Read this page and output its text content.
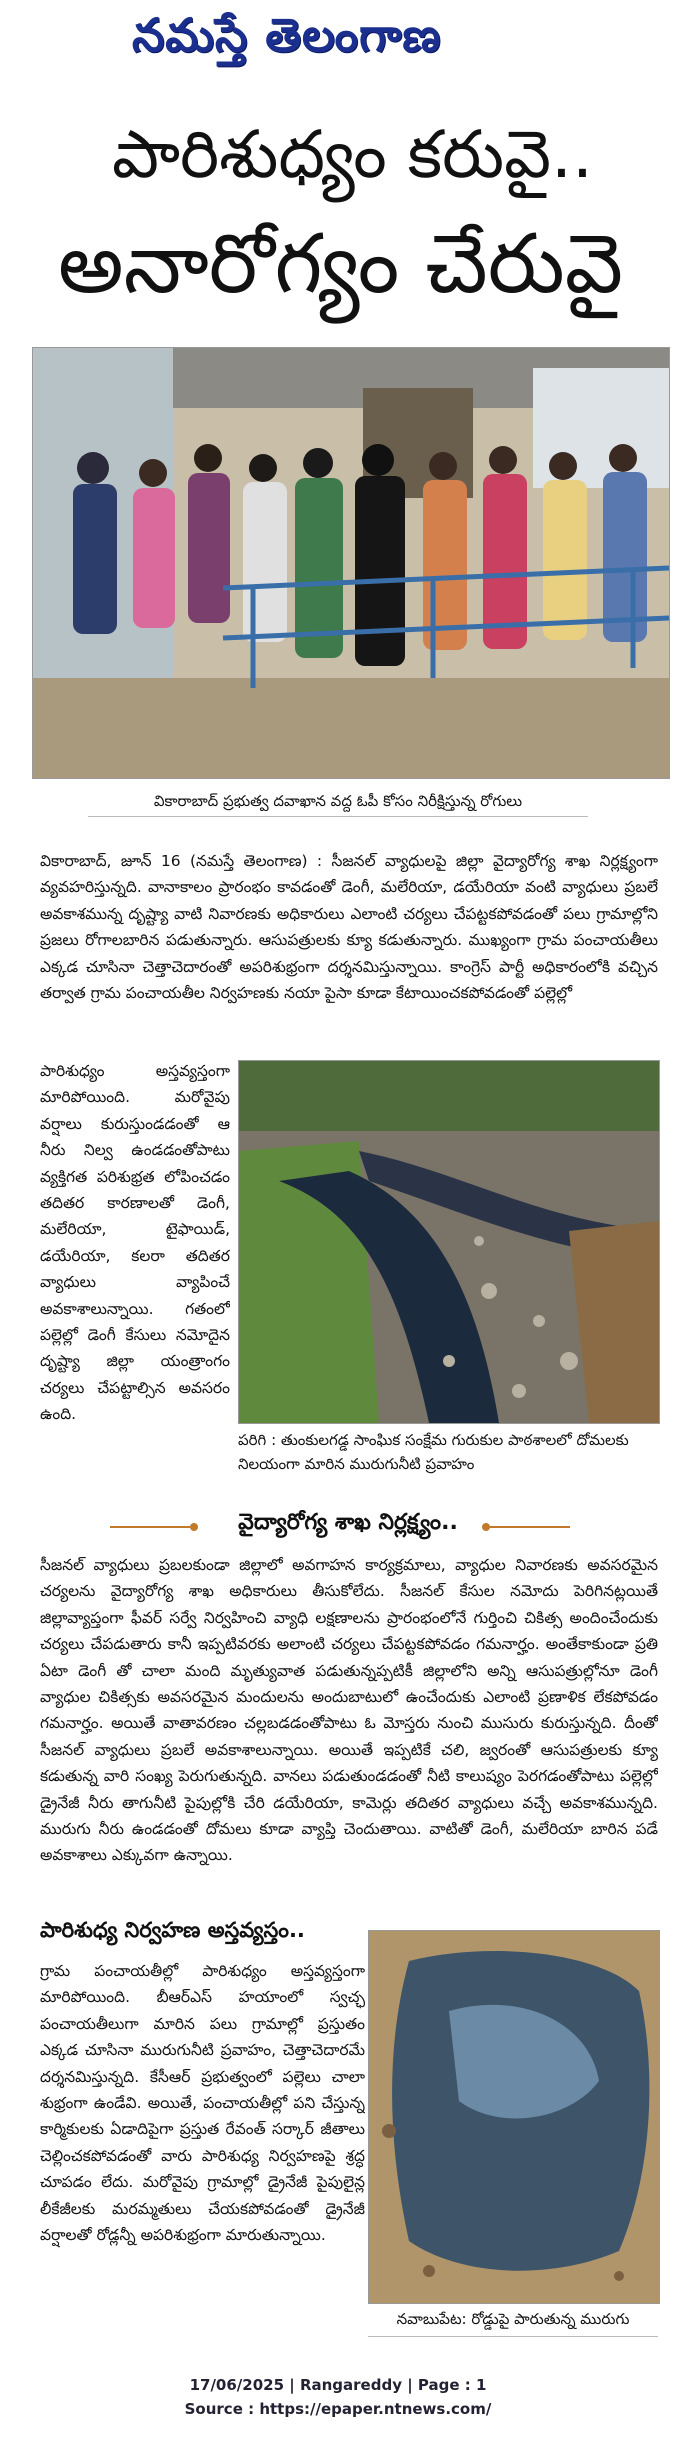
నమస్తే తెలంగాణ
పారిశుధ్యం కరువై..
అనారోగ్యం చేరువై
వికారాబాద్ ప్రభుత్వ దవాఖాన వద్ద ఓపీ కోసం నిరీక్షిస్తున్న రోగులు
వికారాబాద్, జూన్ 16 (నమస్తే తెలంగాణ) : సీజనల్ వ్యాధులపై జిల్లా వైద్యారోగ్య శాఖ నిర్లక్ష్యంగా వ్యవహరిస్తున్నది. వానాకాలం ప్రారంభం కావడంతో డెంగీ, మలేరియా, డయేరియా వంటి వ్యాధులు ప్రబలే అవకాశమున్న దృష్ట్యా వాటి నివారణకు అధికారులు ఎలాంటి చర్యలు చేపట్టకపోవడంతో పలు గ్రామాల్లోని ప్రజలు రోగాలబారిన పడుతున్నారు. ఆసుపత్రులకు క్యూ కడుతున్నారు. ముఖ్యంగా గ్రామ పంచాయతీలు ఎక్కడ చూసినా చెత్తాచెదారంతో అపరిశుభ్రంగా దర్శనమిస్తున్నాయి. కాంగ్రెస్ పార్టీ అధికారంలోకి వచ్చిన తర్వాత గ్రామ పంచాయతీల నిర్వహణకు నయా పైసా కూడా కేటాయించకపోవడంతో పల్లెల్లో
పారిశుధ్యం అస్తవ్యస్తంగా మారిపోయింది. మరోవైపు వర్షాలు కురుస్తుండడంతో ఆ నీరు నిల్వ ఉండడంతోపాటు వ్యక్తిగత పరిశుభ్రత లోపించడం తదితర కారణాలతో డెంగీ, మలేరియా, టైఫాయిడ్, డయేరియా, కలరా తదితర వ్యాధులు వ్యాపించే అవకాశాలున్నాయి. గతంలో పల్లెల్లో డెంగీ కేసులు నమోదైన దృష్ట్యా జిల్లా యంత్రాంగం చర్యలు చేపట్టాల్సిన అవసరం ఉంది.
పరిగి : తుంకులగడ్డ సాంఘిక సంక్షేమ గురుకుల పాఠశాలలో దోమలకు నిలయంగా మారిన మురుగునీటి ప్రవాహం
వైద్యారోగ్య శాఖ నిర్లక్ష్యం..
సీజనల్ వ్యాధులు ప్రబలకుండా జిల్లాలో అవగాహన కార్యక్రమాలు, వ్యాధుల నివారణకు అవసరమైన చర్యలను వైద్యారోగ్య శాఖ అధికారులు తీసుకోలేదు. సీజనల్ కేసుల నమోదు పెరిగినట్లయితే జిల్లావ్యాప్తంగా ఫీవర్ సర్వే నిర్వహించి వ్యాధి లక్షణాలను ప్రారంభంలోనే గుర్తించి చికిత్స అందించేందుకు చర్యలు చేపడుతారు కానీ ఇప్పటివరకు అలాంటి చర్యలు చేపట్టకపోవడం గమనార్హం. అంతేకాకుండా ప్రతి ఏటా డెంగీ తో చాలా మంది మృత్యువాత పడుతున్నప్పటికీ జిల్లాలోని అన్ని ఆసుపత్రుల్లోనూ డెంగీ వ్యాధుల చికిత్సకు అవసరమైన మందులను అందుబాటులో ఉంచేందుకు ఎలాంటి ప్రణాళిక లేకపోవడం గమనార్హం. అయితే వాతావరణం చల్లబడడంతోపాటు ఓ మోస్తరు నుంచి ముసురు కురుస్తున్నది. దీంతో సీజనల్ వ్యాధులు ప్రబలే అవకాశాలున్నాయి. అయితే ఇప్పటికే చలి, జ్వరంతో ఆసుపత్రులకు క్యూ కడుతున్న వారి సంఖ్య పెరుగుతున్నది. వానలు పడుతుండడంతో నీటి కాలుష్యం పెరగడంతోపాటు పల్లెల్లో డ్రైనేజీ నీరు తాగునీటి పైపుల్లోకి చేరి డయేరియా, కామెర్లు తదితర వ్యాధులు వచ్చే అవకాశమున్నది. మురుగు నీరు ఉండడంతో దోమలు కూడా వ్యాప్తి చెందుతాయి. వాటితో డెంగీ, మలేరియా బారిన పడే అవకాశాలు ఎక్కువగా ఉన్నాయి.
పారిశుధ్య నిర్వహణ అస్తవ్యస్తం..
గ్రామ పంచాయతీల్లో పారిశుధ్యం అస్తవ్యస్తంగా మారిపోయింది. బీఆర్ఎస్ హయాంలో స్వచ్ఛ పంచాయతీలుగా మారిన పలు గ్రామాల్లో ప్రస్తుతం ఎక్కడ చూసినా మురుగునీటి ప్రవాహం, చెత్తాచెదారమే దర్శనమిస్తున్నది. కేసీఆర్ ప్రభుత్వంలో పల్లెలు చాలా శుభ్రంగా ఉండేవి. అయితే, పంచాయతీల్లో పని చేస్తున్న కార్మికులకు ఏడాదిపైగా ప్రస్తుత రేవంత్ సర్కార్ జీతాలు చెల్లించకపోవడంతో వారు పారిశుధ్య నిర్వహణపై శ్రద్ధ చూపడం లేదు. మరోవైపు గ్రామాల్లో డ్రైనేజీ పైపులైన్ల లీకేజీలకు మరమ్మతులు చేయకపోవడంతో డ్రైనేజీ వర్షాలతో రోడ్లన్నీ అపరిశుభ్రంగా మారుతున్నాయి.
నవాబుపేట: రోడ్డుపై పారుతున్న మురుగు
17/06/2025 | Rangareddy | Page : 1
Source : https://epaper.ntnews.com/
